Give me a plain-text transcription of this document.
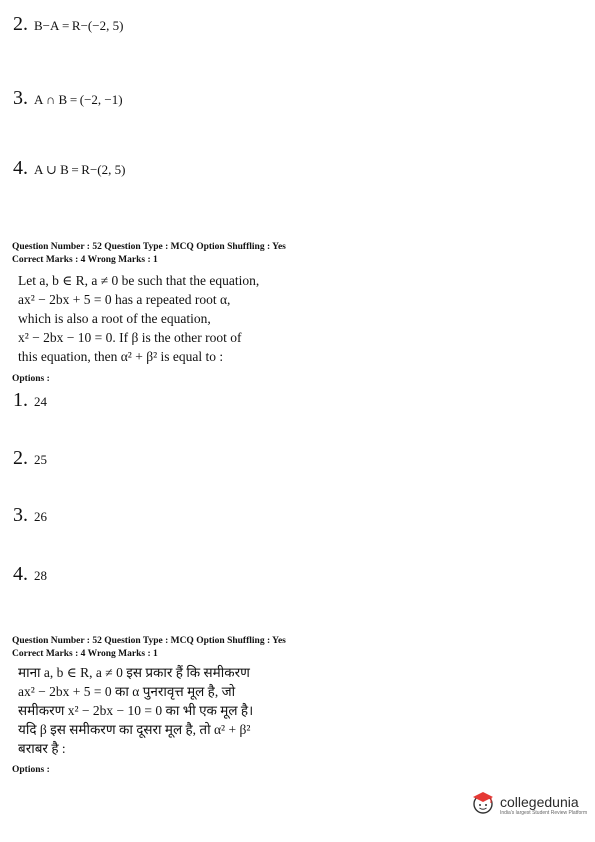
2. B−A = R−(−2, 5)
3. A ∩ B = (−2, −1)
4. A ∪ B = R−(2, 5)
Question Number : 52 Question Type : MCQ Option Shuffling : Yes
Correct Marks : 4 Wrong Marks : 1
Let a, b ∈ R, a ≠ 0 be such that the equation,
ax² − 2bx + 5 = 0 has a repeated root α,
which is also a root of the equation,
x² − 2bx − 10 = 0. If β is the other root of
this equation, then α² + β² is equal to :
Options :
1. 24
2. 25
3. 26
4. 28
Question Number : 52 Question Type : MCQ Option Shuffling : Yes
Correct Marks : 4 Wrong Marks : 1
माना a, b ∈ R, a ≠ 0 इस प्रकार हैं कि समीकरण
ax² − 2bx + 5 = 0 का α पुनरावृत्त मूल है, जो
समीकरण x² − 2bx − 10 = 0 का भी एक मूल है।
यदि β इस समीकरण का दूसरा मूल है, तो α² + β²
बराबर है :
Options :
collegedunia
India's largest Student Review Platform
